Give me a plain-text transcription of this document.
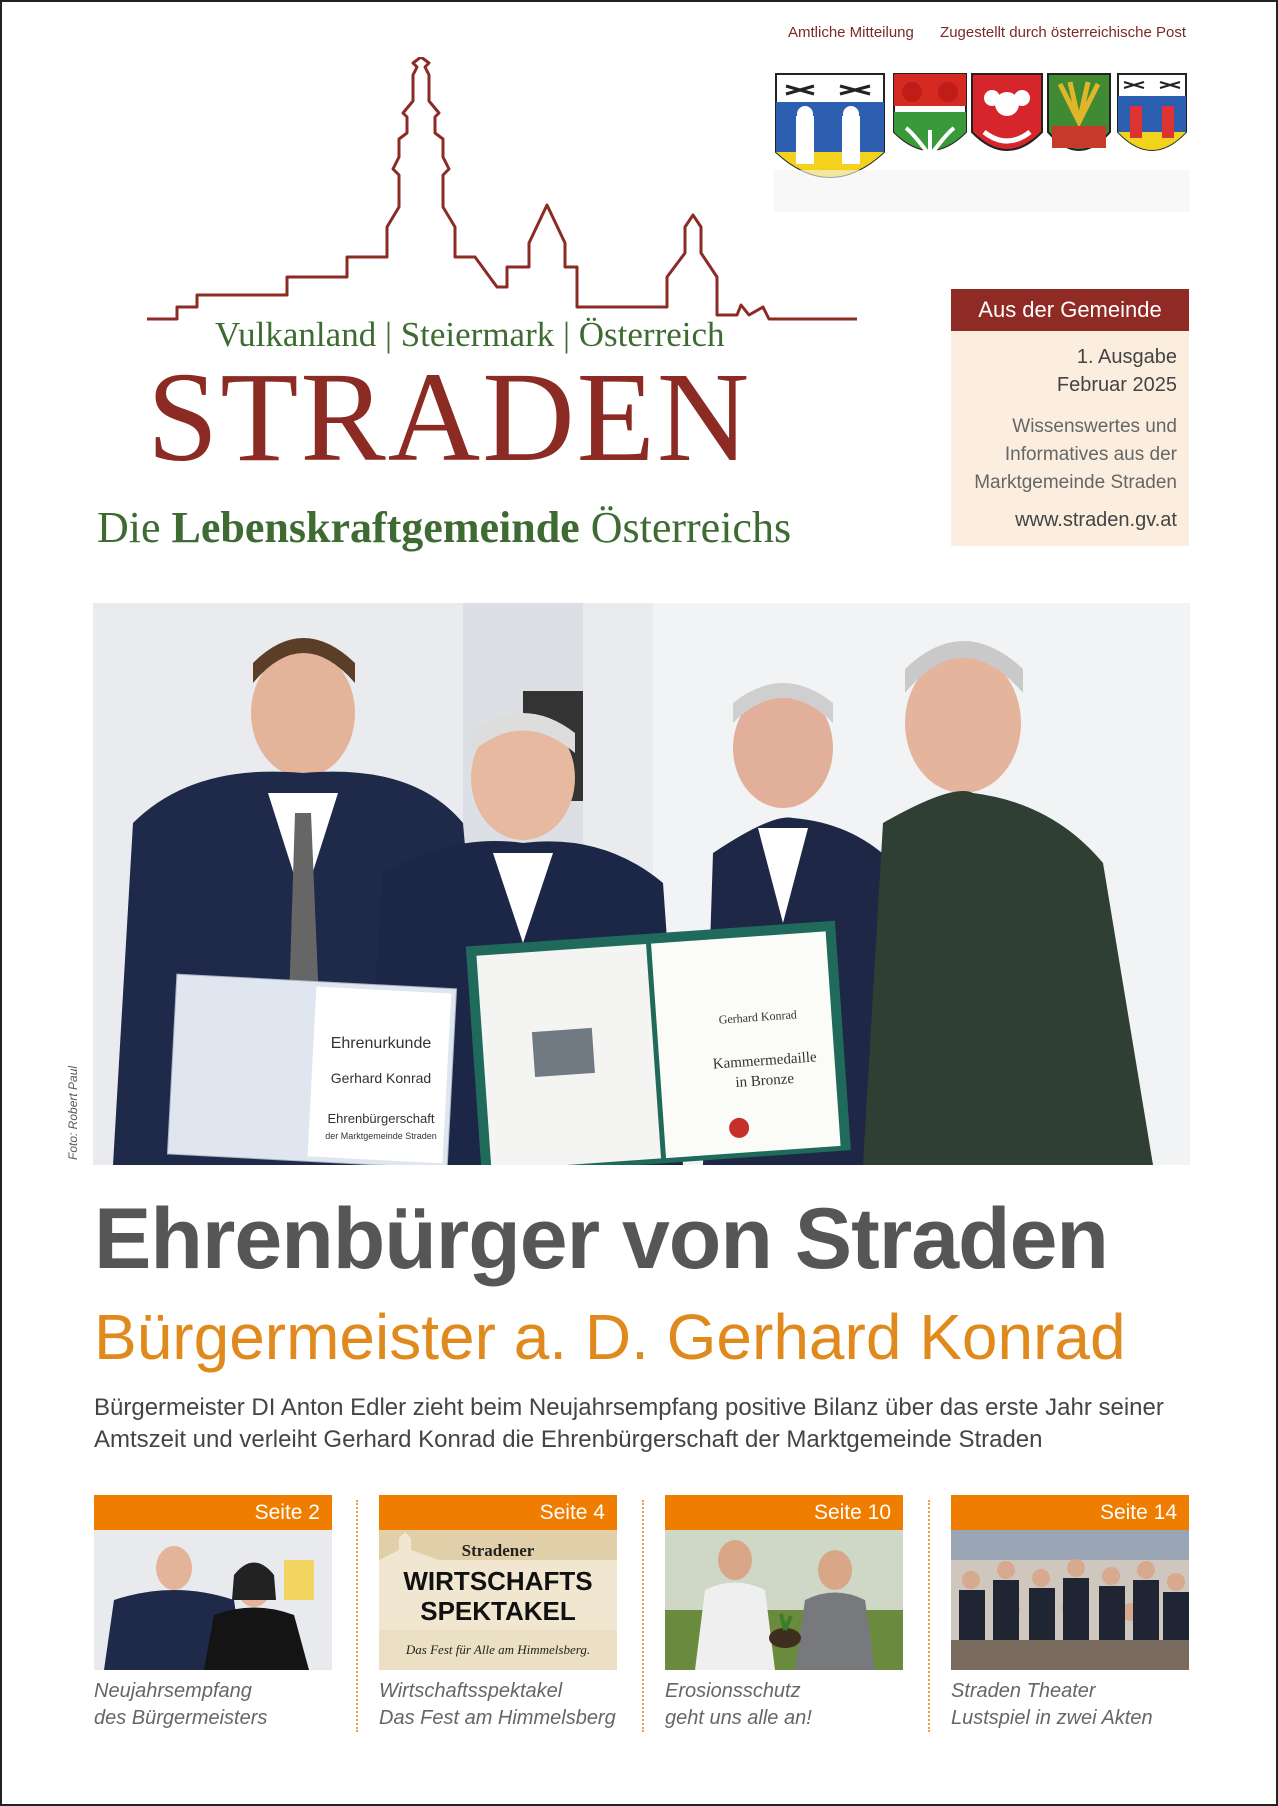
Amtliche Mitteilung Zugestellt durch österreichische Post
Vulkanland | Steiermark | Österreich
STRADEN
Die Lebenskraftgemeinde Österreichs
Aus der Gemeinde
1. Ausgabe
Februar 2025
Wissenswertes und
Informatives aus der
Marktgemeinde Straden
www.straden.gv.at
Ehrenurkunde
Gerhard Konrad
Ehrenbürgerschaft
der Marktgemeinde Straden
Gerhard Konrad
Kammermedaille
in Bronze
Foto: Robert Paul
Ehrenbürger von Straden
Bürgermeister a. D. Gerhard Konrad
Bürgermeister DI Anton Edler zieht beim Neujahrsempfang positive Bilanz über das erste Jahr seiner Amtszeit und verleiht Gerhard Konrad die Ehrenbürgerschaft der Marktgemeinde Straden
Seite 2
Neujahrsempfang
des Bürgermeisters
Seite 4
Stradener
WIRTSCHAFTS
SPEKTAKEL
Das Fest für Alle am Himmelsberg.
Wirtschaftsspektakel
Das Fest am Himmelsberg
Seite 10
Erosionsschutz
geht uns alle an!
Seite 14
Straden Theater
Lustspiel in zwei Akten
